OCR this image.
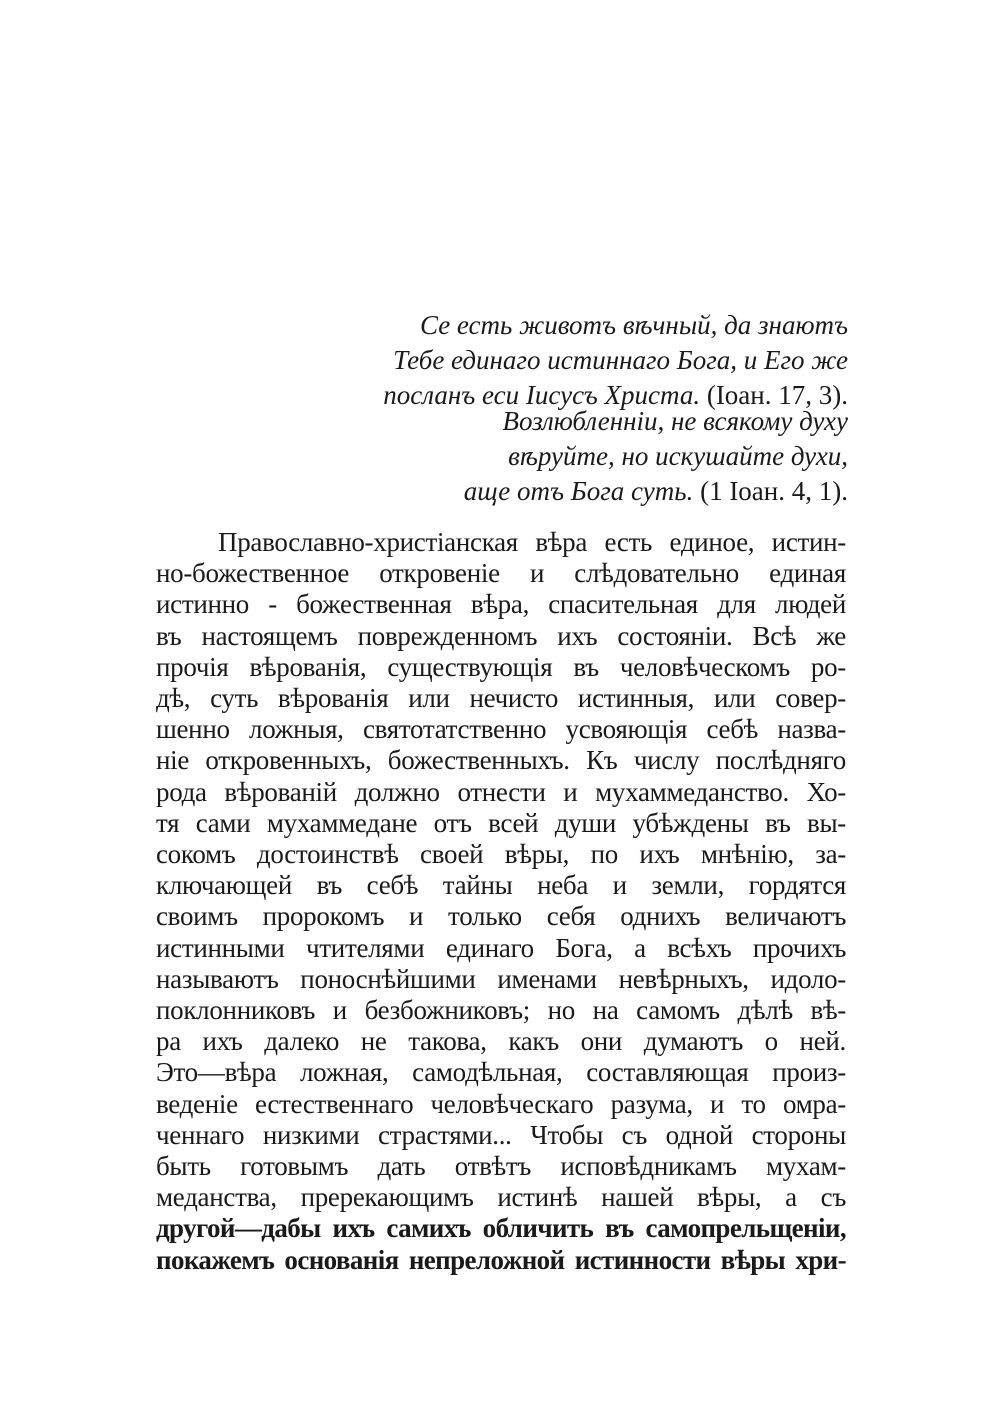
Се есть животъ вѣчный, да знаютъ
Тебе единаго истиннаго Бога, и Его же
посланъ еси Іисусъ Христа. (Іоан. 17, 3).
Возлюбленніи, не всякому духу
вѣруйте, но искушайте духи,
аще отъ Бога суть. (1 Іоан. 4, 1).
Православно-христіанская вѣра есть единое, истин-
но-божественное откровеніе и слѣдовательно единая
истинно - божественная вѣра, спасительная для людей
въ настоящемъ поврежденномъ ихъ состояніи. Всѣ же
прочія вѣрованія, существующія въ человѣческомъ ро-
дѣ, суть вѣрованія или нечисто истинныя, или совер-
шенно ложныя, святотатственно усвояющія себѣ назва-
ніе откровенныхъ, божественныхъ. Къ числу послѣдняго
рода вѣрованій должно отнести и мухаммеданство. Хо-
тя сами мухаммедане отъ всей души убѣждены въ вы-
сокомъ достоинствѣ своей вѣры, по ихъ мнѣнію, за-
ключающей въ себѣ тайны неба и земли, гордятся
своимъ пророкомъ и только себя однихъ величаютъ
истинными чтителями единаго Бога, а всѣхъ прочихъ
называютъ поноснѣйшими именами невѣрныхъ, идоло-
поклонниковъ и безбожниковъ; но на самомъ дѣлѣ вѣ-
ра ихъ далеко не такова, какъ они думаютъ о ней.
Это—вѣра ложная, самодѣльная, составляющая произ-
веденіе естественнаго человѣческаго разума, и то омра-
ченнаго низкими страстями... Чтобы съ одной стороны
быть готовымъ дать отвѣтъ исповѣдникамъ мухам-
меданства, пререкающимъ истинѣ нашей вѣры, а съ
другой—дабы ихъ самихъ обличить въ самопрельщеніи,
покажемъ основанія непреложной истинности вѣры хри-
